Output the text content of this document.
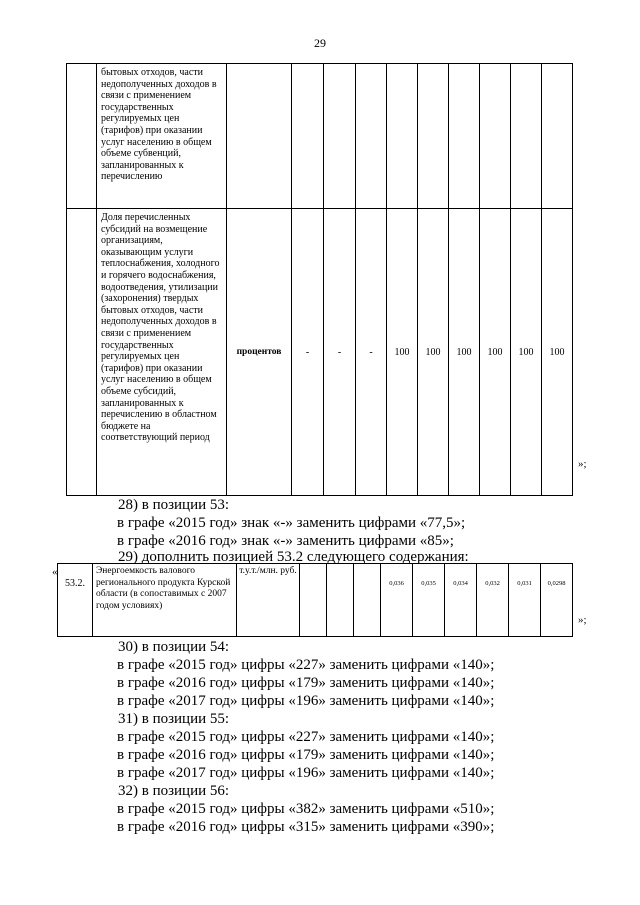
29
	бытовых отходов, части недополученных доходов в связи с применением государственных регулируемых цен (тарифов) при оказании услуг населению в общем объеме субвенций, запланированных к перечислению										
	Доля перечисленных субсидий на возмещение организациям, оказывающим услуги теплоснабжения, холодного и горячего водоснабжения, водоотведения, утилизации (захоронения) твердых бытовых отходов, части недополученных доходов в связи с применением государственных регулируемых цен (тарифов) при оказании услуг населению в общем объеме субсидий, запланированных к перечислению в областном бюджете на соответствующий период	процентов	-	-	-	100	100	100	100	100	100
»;
28) в позиции 53:
в графе «2015 год» знак «-» заменить цифрами «77,5»;
в графе «2016 год» знак «-» заменить цифрами «85»;
29) дополнить позицией 53.2 следующего содержания:
«
53.2.	Энергоемкость валового регионального продукта Курской области (в сопоставимых с 2007 годом условиях)	т.у.т./млн. руб.				0,036	0,035	0,034	0,032	0,031	0,0298
»;
30) в позиции 54:
в графе «2015 год» цифры «227» заменить цифрами «140»;
в графе «2016 год» цифры «179» заменить цифрами «140»;
в графе «2017 год» цифры «196» заменить цифрами «140»;
31) в позиции 55:
в графе «2015 год» цифры «227» заменить цифрами «140»;
в графе «2016 год» цифры «179» заменить цифрами «140»;
в графе «2017 год» цифры «196» заменить цифрами «140»;
32) в позиции 56:
в графе «2015 год» цифры «382» заменить цифрами «510»;
в графе «2016 год» цифры «315» заменить цифрами «390»;
